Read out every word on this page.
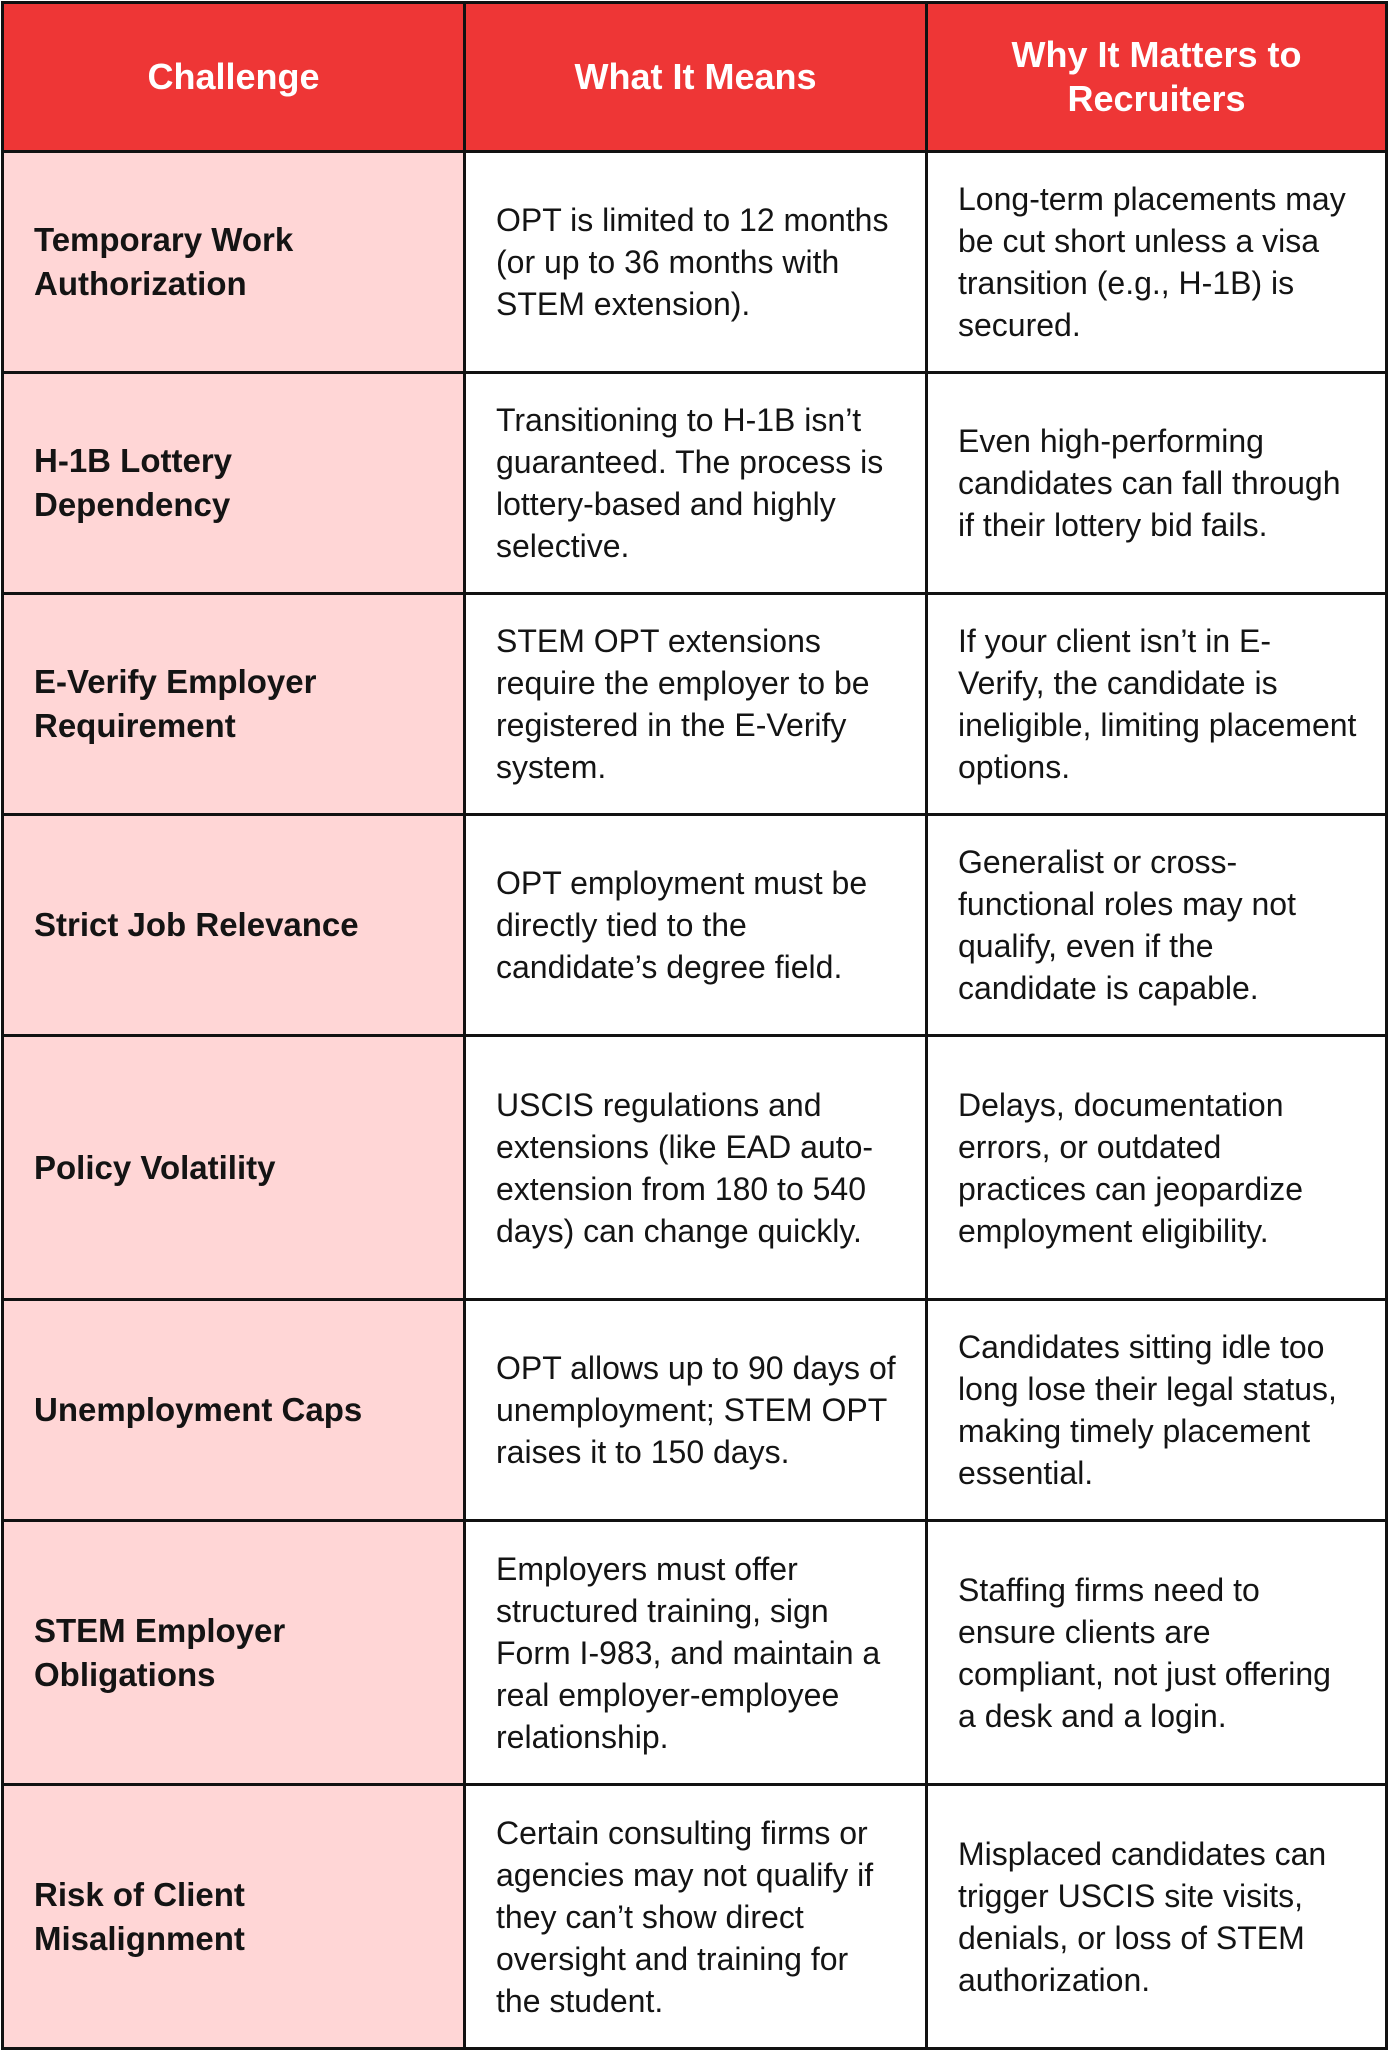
Challenge	What It Means	Why It Matters to Recruiters
Temporary Work Authorization	OPT is limited to 12 months (or up to 36 months with STEM extension).	Long-term placements may be cut short unless a visa transition (e.g., H-1B) is secured.
H-1B Lottery Dependency	Transitioning to H-1B isn’t guaranteed. The process is lottery-based and highly selective.	Even high-performing candidates can fall through if their lottery bid fails.
E-Verify Employer Requirement	STEM OPT extensions require the employer to be registered in the E-Verify system.	If your client isn’t in E-Verify, the candidate is ineligible, limiting placement options.
Strict Job Relevance	OPT employment must be directly tied to the candidate’s degree field.	Generalist or cross-functional roles may not qualify, even if the candidate is capable.
Policy Volatility	USCIS regulations and extensions (like EAD auto-extension from 180 to 540 days) can change quickly.	Delays, documentation errors, or outdated practices can jeopardize employment eligibility.
Unemployment Caps	OPT allows up to 90 days of unemployment; STEM OPT raises it to 150 days.	Candidates sitting idle too long lose their legal status, making timely placement essential.
STEM Employer Obligations	Employers must offer structured training, sign Form I-983, and maintain a real employer-employee relationship.	Staffing firms need to ensure clients are compliant, not just offering a desk and a login.
Risk of Client Misalignment	Certain consulting firms or agencies may not qualify if they can’t show direct oversight and training for the student.	Misplaced candidates can trigger USCIS site visits, denials, or loss of STEM authorization.
